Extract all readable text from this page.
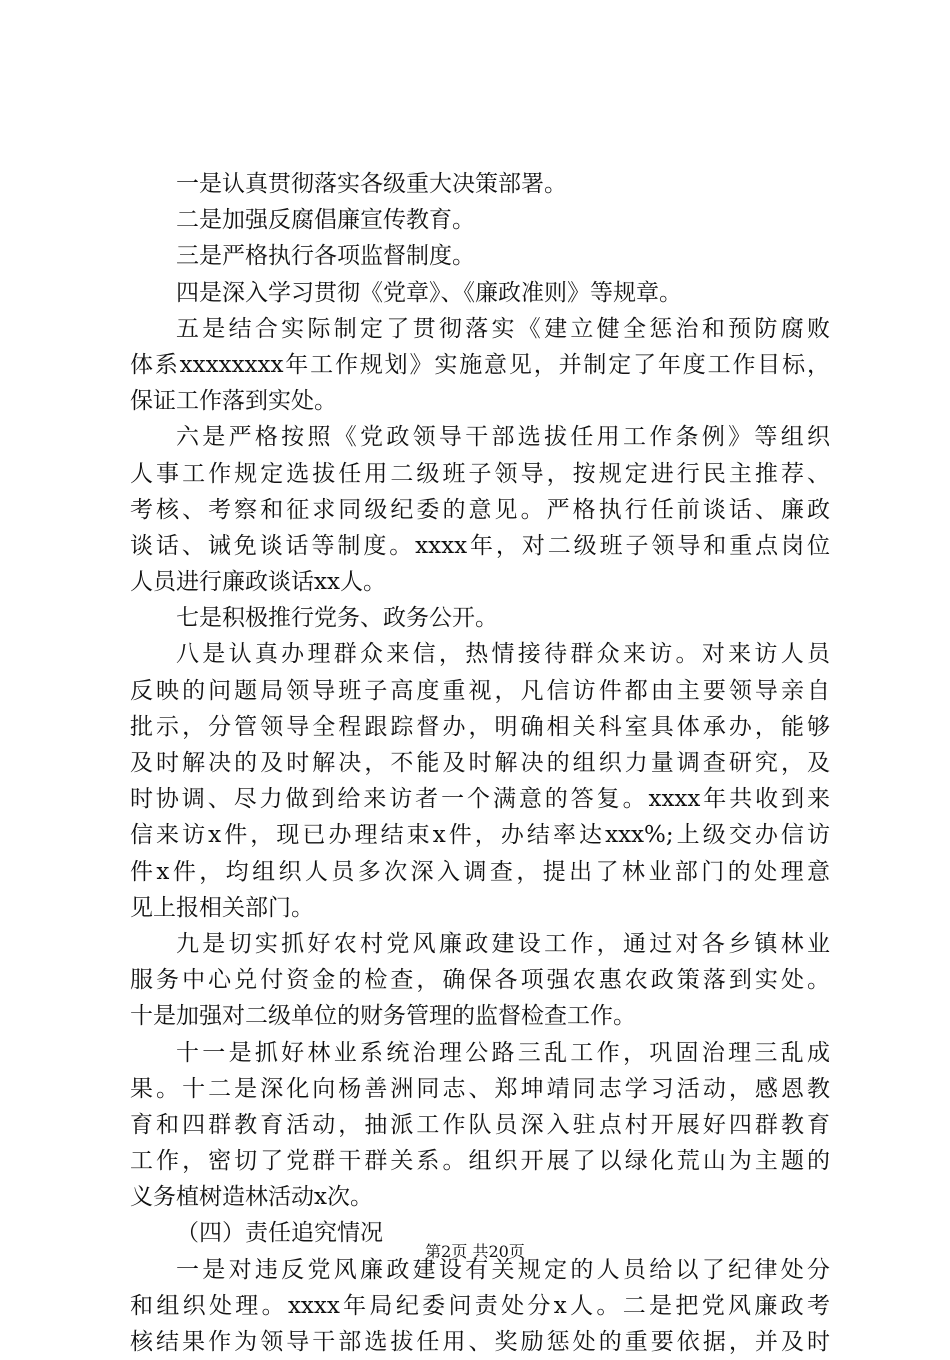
一是认真贯彻落实各级重大决策部署。
二是加强反腐倡廉宣传教育。
三是严格执行各项监督制度。
四是深入学习贯彻《党章》、《廉政准则》等规章。
五是结合实际制定了贯彻落实《建立健全惩治和预防腐败
体系xxxxxxxx年工作规划》实施意见，并制定了年度工作目标，
保证工作落到实处。
六是严格按照《党政领导干部选拔任用工作条例》等组织
人事工作规定选拔任用二级班子领导，按规定进行民主推荐、
考核、考察和征求同级纪委的意见。严格执行任前谈话、廉政
谈话、诫免谈话等制度。xxxx年，对二级班子领导和重点岗位
人员进行廉政谈话xx人。
七是积极推行党务、政务公开。
八是认真办理群众来信，热情接待群众来访。对来访人员
反映的问题局领导班子高度重视，凡信访件都由主要领导亲自
批示，分管领导全程跟踪督办，明确相关科室具体承办，能够
及时解决的及时解决，不能及时解决的组织力量调查研究，及
时协调、尽力做到给来访者一个满意的答复。xxxx年共收到来
信来访x件，现已办理结束x件，办结率达xxx%;上级交办信访
件x件，均组织人员多次深入调查，提出了林业部门的处理意
见上报相关部门。
九是切实抓好农村党风廉政建设工作，通过对各乡镇林业
服务中心兑付资金的检查，确保各项强农惠农政策落到实处。
十是加强对二级单位的财务管理的监督检查工作。
十一是抓好林业系统治理公路三乱工作，巩固治理三乱成
果。十二是深化向杨善洲同志、郑坤靖同志学习活动，感恩教
育和四群教育活动，抽派工作队员深入驻点村开展好四群教育
工作，密切了党群干群关系。组织开展了以绿化荒山为主题的
义务植树造林活动x次。
（四）责任追究情况
一是对违反党风廉政建设有关规定的人员给以了纪律处分
和组织处理。xxxx年局纪委问责处分x人。二是把党风廉政考
核结果作为领导干部选拔任用、奖励惩处的重要依据，并及时
第2页 共20页
